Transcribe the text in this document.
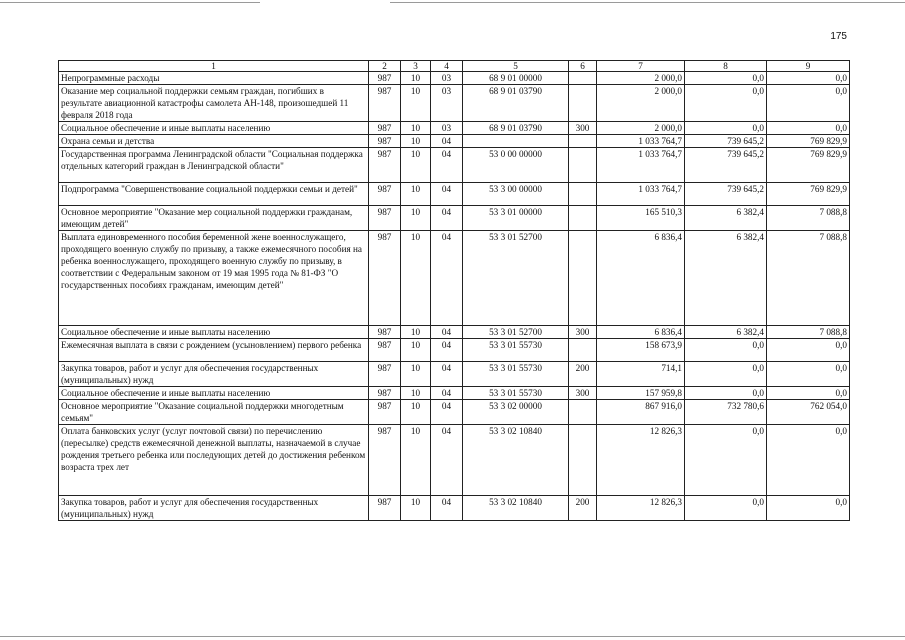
175
1	2	3	4	5	6	7	8	9
Непрограммные расходы	987	10	03	68 9 01 00000		2 000,0	0,0	0,0
Оказание мер социальной поддержки семьям граждан, погибших в результате авиационной катастрофы самолета АН-148, произошедшей 11 февраля 2018 года	987	10	03	68 9 01 03790		2 000,0	0,0	0,0
Социальное обеспечение и иные выплаты населению	987	10	03	68 9 01 03790	300	2 000,0	0,0	0,0
Охрана семьи и детства	987	10	04			1 033 764,7	739 645,2	769 829,9
Государственная программа Ленинградской области "Социальная поддержка отдельных категорий граждан в Ленинградской области"	987	10	04	53 0 00 00000		1 033 764,7	739 645,2	769 829,9
Подпрограмма "Совершенствование социальной поддержки семьи и детей"	987	10	04	53 3 00 00000		1 033 764,7	739 645,2	769 829,9
Основное мероприятие "Оказание мер социальной поддержки гражданам, имеющим детей"	987	10	04	53 3 01 00000		165 510,3	6 382,4	7 088,8
Выплата единовременного пособия беременной жене военнослужащего, проходящего военную службу по призыву, а также ежемесячного пособия на ребенка военнослужащего, проходящего военную службу по призыву, в соответствии с Федеральным законом от 19 мая 1995 года № 81-ФЗ "О государственных пособиях гражданам, имеющим детей"	987	10	04	53 3 01 52700		6 836,4	6 382,4	7 088,8
Социальное обеспечение и иные выплаты населению	987	10	04	53 3 01 52700	300	6 836,4	6 382,4	7 088,8
Ежемесячная выплата в связи с рождением (усыновлением) первого ребенка	987	10	04	53 3 01 55730		158 673,9	0,0	0,0
Закупка товаров, работ и услуг для обеспечения государственных (муниципальных) нужд	987	10	04	53 3 01 55730	200	714,1	0,0	0,0
Социальное обеспечение и иные выплаты населению	987	10	04	53 3 01 55730	300	157 959,8	0,0	0,0
Основное мероприятие "Оказание социальной поддержки многодетным семьям"	987	10	04	53 3 02 00000		867 916,0	732 780,6	762 054,0
Оплата банковских услуг (услуг почтовой связи) по перечислению (пересылке) средств ежемесячной денежной выплаты, назначаемой в случае рождения третьего ребенка или последующих детей до достижения ребенком возраста трех лет	987	10	04	53 3 02 10840		12 826,3	0,0	0,0
Закупка товаров, работ и услуг для обеспечения государственных (муниципальных) нужд	987	10	04	53 3 02 10840	200	12 826,3	0,0	0,0
